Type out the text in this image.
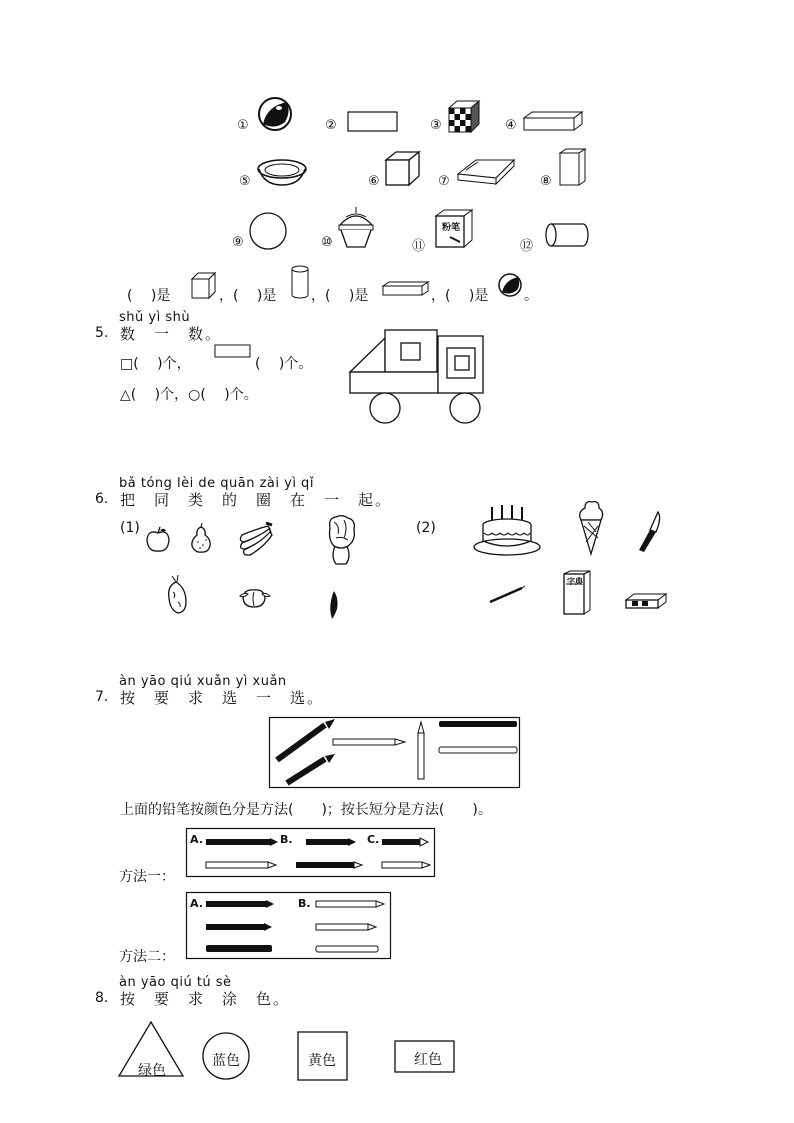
①	②	③	④
⑤	⑥	⑦	⑧
⑨	⑩	⑪
粉笔
⑫
(　 )是	，(　 )是 ，(　 )是	，(　 )是	。
shǔ yì shù
5. 数　一　数。
□(　 )个，	(　 )个。
△(　 )个，○(　 )个。
bǎ tóng lèi de quān zài yì qǐ
6. 把　同　类　的　圈　在　一　起。
(1)	(2)
字典
àn yāo qiú xuǎn yì xuǎn
7. 按　要　求　选　一　选。
上面的铅笔按颜色分是方法(　　)；按长短分是方法(　　)。
A.	B.	C.
方法一：
A.	B.
方法二：
àn yāo qiú tú sè
8. 按　要　求　涂　色。
绿色
蓝色	黄色	红色
